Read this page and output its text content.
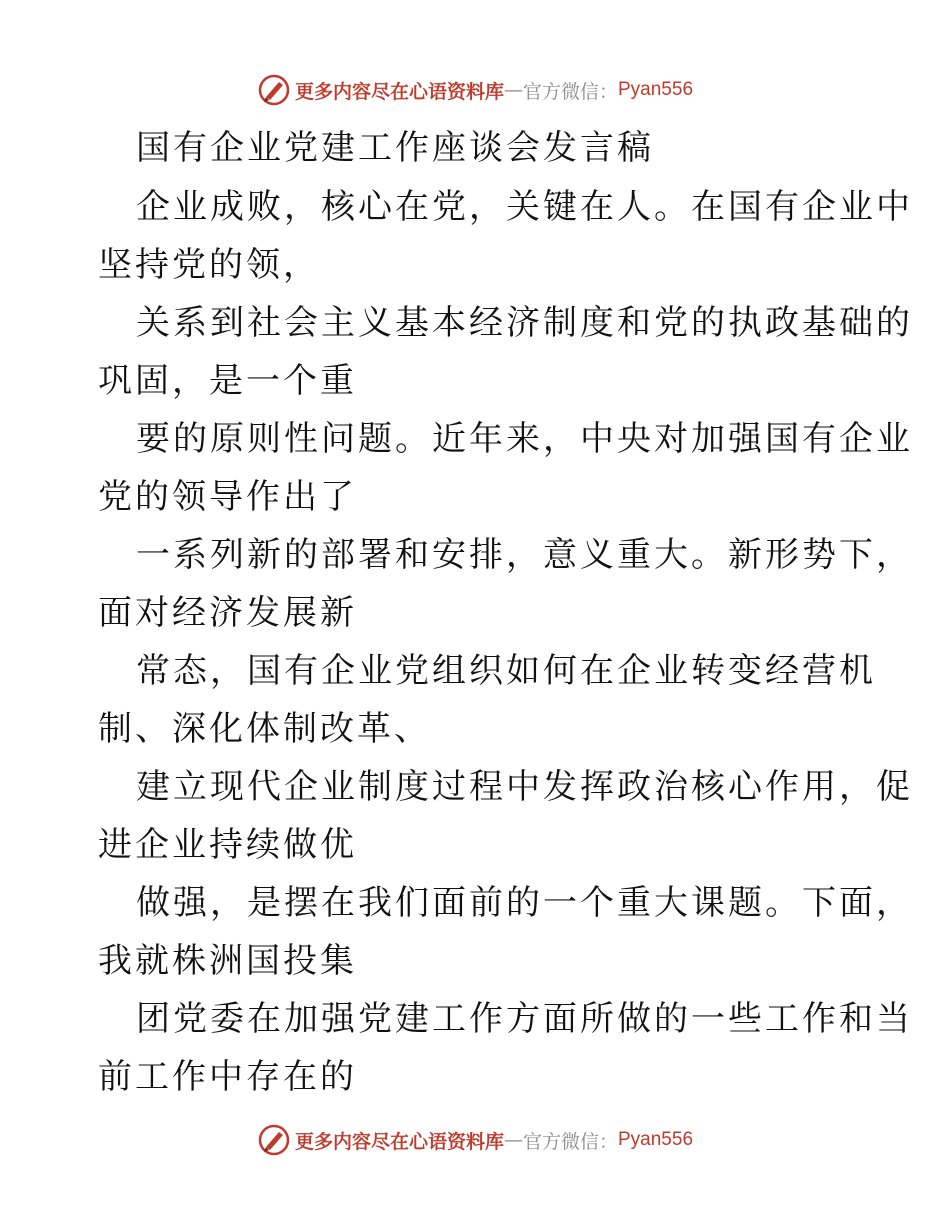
更多内容尽在心语资料库 — 官方微信： Pyan556
国有企业党建工作座谈会发言稿
企业成败，核心在党，关键在人。在国有企业中
坚持党的领，
关系到社会主义基本经济制度和党的执政基础的
巩固，是一个重
要的原则性问题。近年来，中央对加强国有企业
党的领导作出了
一系列新的部署和安排，意义重大。新形势下，
面对经济发展新
常态，国有企业党组织如何在企业转变经营机
制、深化体制改革、
建立现代企业制度过程中发挥政治核心作用，促
进企业持续做优
做强，是摆在我们面前的一个重大课题。下面，
我就株洲国投集
团党委在加强党建工作方面所做的一些工作和当
前工作中存在的
更多内容尽在心语资料库 — 官方微信： Pyan556
